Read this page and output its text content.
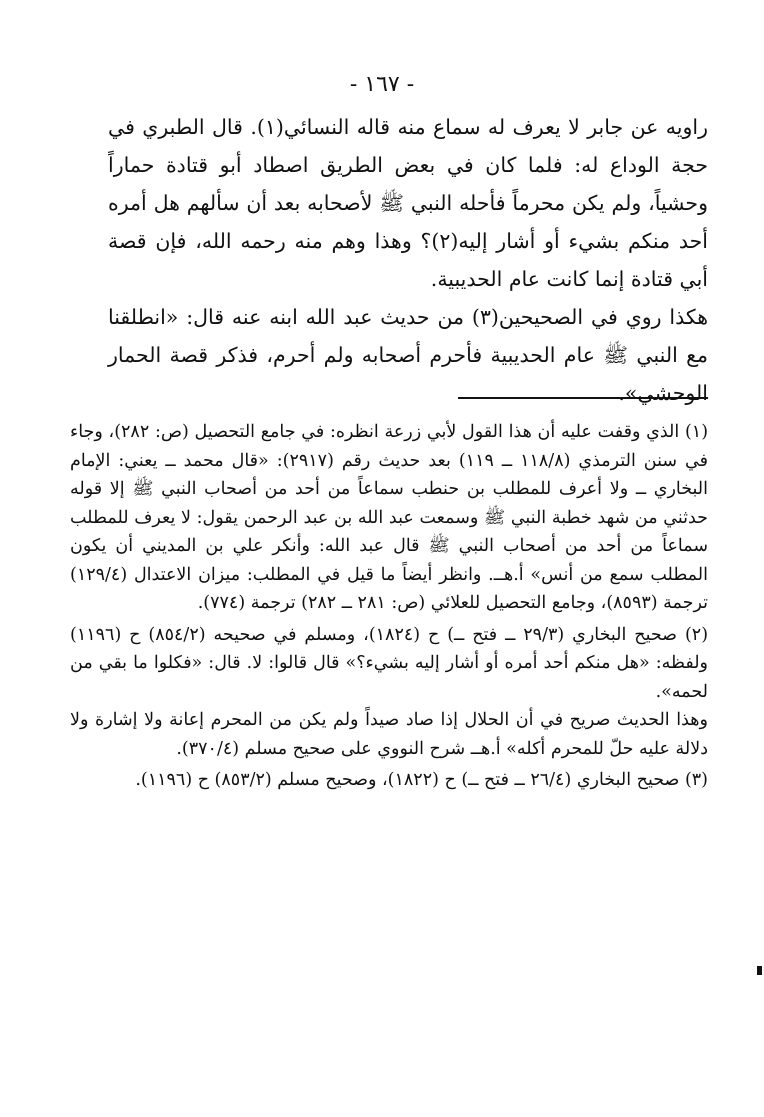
- ١٦٧ -

راويه عن جابر لا يعرف له سماع منه قاله النسائي(١). قال الطبري في حجة الوداع له: فلما كان في بعض الطريق اصطاد أبو قتادة حماراً وحشياً، ولم يكن محرماً فأحله النبي ﷺ لأصحابه بعد أن سألهم هل أمره أحد منكم بشيء أو أشار إليه(٢)؟ وهذا وهم منه رحمه الله، فإن قصة أبي قتادة إنما كانت عام الحديبية.

هكذا روي في الصحيحين(٣) من حديث عبد الله ابنه عنه قال: «انطلقنا مع النبي ﷺ عام الحديبية فأحرم أصحابه ولم أحرم، فذكر قصة الحمار الوحشي».

(١) الذي وقفت عليه أن هذا القول لأبي زرعة انظره: في جامع التحصيل (ص: ٢٨٢)، وجاء في سنن الترمذي (١١٨/٨ ــ ١١٩) بعد حديث رقم (٢٩١٧): «قال محمد ــ يعني: الإمام البخاري ــ ولا أعرف للمطلب بن حنطب سماعاً من أحد من أصحاب النبي ﷺ إلا قوله حدثني من شهد خطبة النبي ﷺ وسمعت عبد الله بن عبد الرحمن يقول: لا يعرف للمطلب سماعاً من أحد من أصحاب النبي ﷺ قال عبد الله: وأنكر علي بن المديني أن يكون المطلب سمع من أنس» أ.هــ. وانظر أيضاً ما قيل في المطلب: ميزان الاعتدال (١٢٩/٤) ترجمة (٨٥٩٣)، وجامع التحصيل للعلائي (ص: ٢٨١ ــ ٢٨٢) ترجمة (٧٧٤).

(٢) صحيح البخاري (٢٩/٣ ــ فتح ــ) ح (١٨٢٤)، ومسلم في صحيحه (٨٥٤/٢) ح (١١٩٦) ولفظه: «هل منكم أحد أمره أو أشار إليه بشيء؟» قال قالوا: لا. قال: «فكلوا ما بقي من لحمه».

وهذا الحديث صريح في أن الحلال إذا صاد صيداً ولم يكن من المحرم إعانة ولا إشارة ولا دلالة عليه حلّ للمحرم أكله» أ.هــ شرح النووي على صحيح مسلم (٣٧٠/٤).

(٣) صحيح البخاري (٢٦/٤ ــ فتح ــ) ح (١٨٢٢)، وصحيح مسلم (٨٥٣/٢) ح (١١٩٦).
